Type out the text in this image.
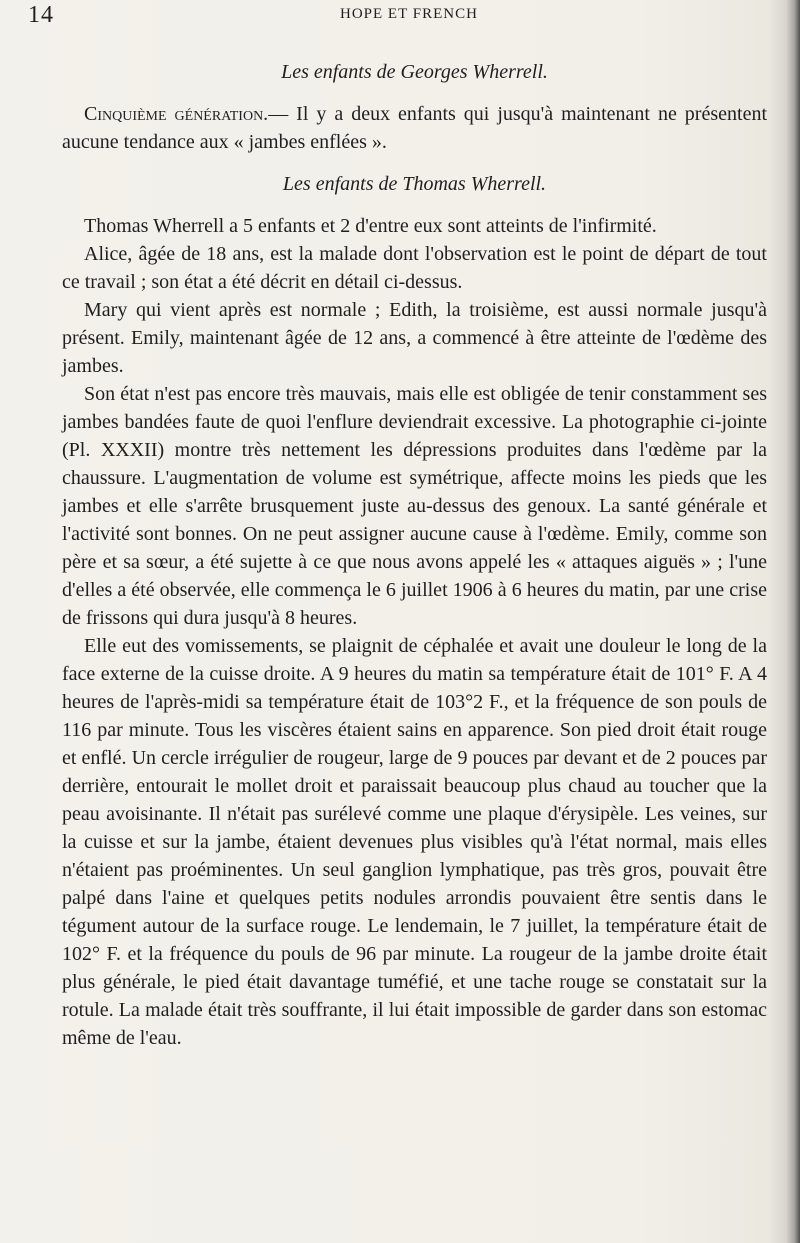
14	HOPE ET FRENCH
Les enfants de Georges Wherrell.

Cinquième génération.— Il y a deux enfants qui jusqu'à maintenant ne présentent aucune tendance aux « jambes enflées ».

Les enfants de Thomas Wherrell.

Thomas Wherrell a 5 enfants et 2 d'entre eux sont atteints de l'infirmité.

Alice, âgée de 18 ans, est la malade dont l'observation est le point de départ de tout ce travail ; son état a été décrit en détail ci-dessus.

Mary qui vient après est normale ; Edith, la troisième, est aussi normale jusqu'à présent. Emily, maintenant âgée de 12 ans, a commencé à être atteinte de l'œdème des jambes.

Son état n'est pas encore très mauvais, mais elle est obligée de tenir constamment ses jambes bandées faute de quoi l'enflure deviendrait excessive. La photographie ci-jointe (Pl. XXXII) montre très nettement les dépressions produites dans l'œdème par la chaussure. L'augmentation de volume est symétrique, affecte moins les pieds que les jambes et elle s'arrête brusquement juste au-dessus des genoux. La santé générale et l'activité sont bonnes. On ne peut assigner aucune cause à l'œdème. Emily, comme son père et sa sœur, a été sujette à ce que nous avons appelé les « attaques aiguës » ; l'une d'elles a été observée, elle commença le 6 juillet 1906 à 6 heures du matin, par une crise de frissons qui dura jusqu'à 8 heures.

Elle eut des vomissements, se plaignit de céphalée et avait une douleur le long de la face externe de la cuisse droite. A 9 heures du matin sa température était de 101° F. A 4 heures de l'après-midi sa température était de 103°2 F., et la fréquence de son pouls de 116 par minute. Tous les viscères étaient sains en apparence. Son pied droit était rouge et enflé. Un cercle irrégulier de rougeur, large de 9 pouces par devant et de 2 pouces par derrière, entourait le mollet droit et paraissait beaucoup plus chaud au toucher que la peau avoisinante. Il n'était pas surélevé comme une plaque d'érysipèle. Les veines, sur la cuisse et sur la jambe, étaient devenues plus visibles qu'à l'état normal, mais elles n'étaient pas proéminentes. Un seul ganglion lymphatique, pas très gros, pouvait être palpé dans l'aine et quelques petits nodules arrondis pouvaient être sentis dans le tégument autour de la surface rouge. Le lendemain, le 7 juillet, la température était de 102° F. et la fréquence du pouls de 96 par minute. La rougeur de la jambe droite était plus générale, le pied était davantage tuméfié, et une tache rouge se constatait sur la rotule. La malade était très souffrante, il lui était impossible de garder dans son estomac même de l'eau.
